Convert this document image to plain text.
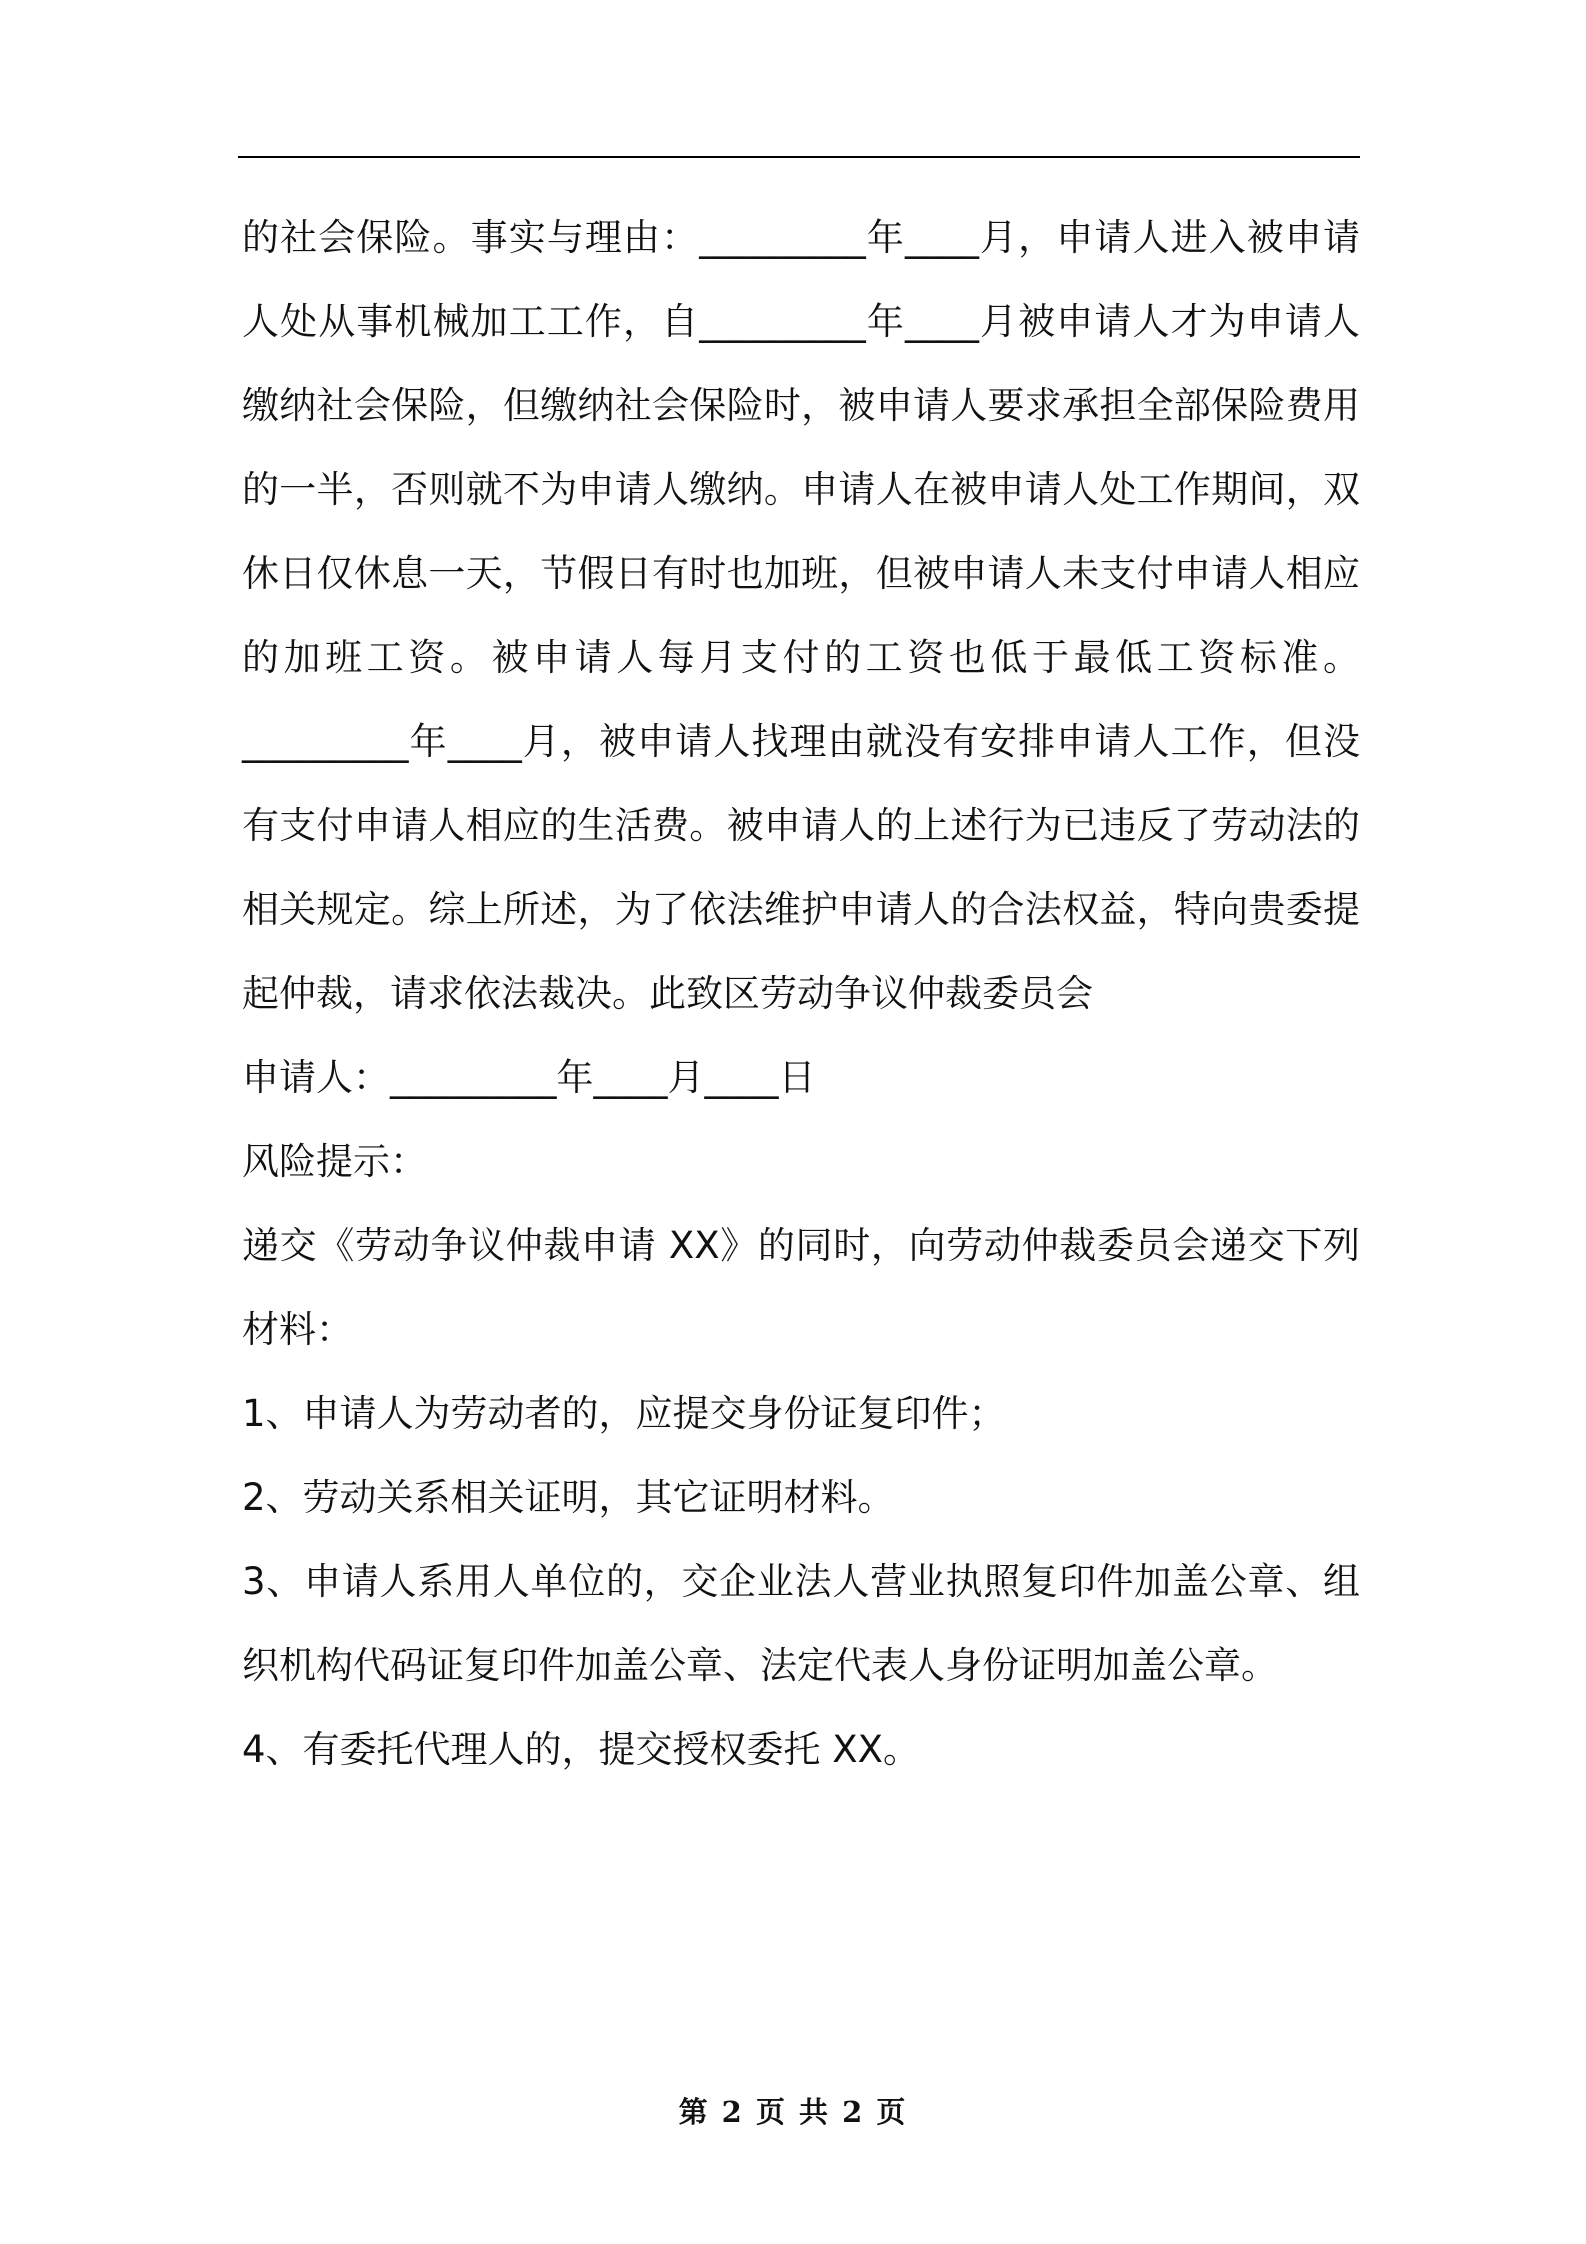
的社会保险。事实与理由：_________年____月，申请人进入被申请
人处从事机械加工工作，自_________年____月被申请人才为申请人
缴纳社会保险，但缴纳社会保险时，被申请人要求承担全部保险费用
的一半，否则就不为申请人缴纳。申请人在被申请人处工作期间，双
休日仅休息一天，节假日有时也加班，但被申请人未支付申请人相应
的加班工资。被申请人每月支付的工资也低于最低工资标准。
_________年____月，被申请人找理由就没有安排申请人工作，但没
有支付申请人相应的生活费。被申请人的上述行为已违反了劳动法的
相关规定。综上所述，为了依法维护申请人的合法权益，特向贵委提
起仲裁，请求依法裁决。此致区劳动争议仲裁委员会
申请人：_________年____月____日
风险提示：
递交《劳动争议仲裁申请 XX》的同时，向劳动仲裁委员会递交下列
材料：
1、申请人为劳动者的，应提交身份证复印件；
2、劳动关系相关证明，其它证明材料。
3、申请人系用人单位的，交企业法人营业执照复印件加盖公章、组
织机构代码证复印件加盖公章、法定代表人身份证明加盖公章。
4、有委托代理人的，提交授权委托 XX。
第 2 页 共 2 页
